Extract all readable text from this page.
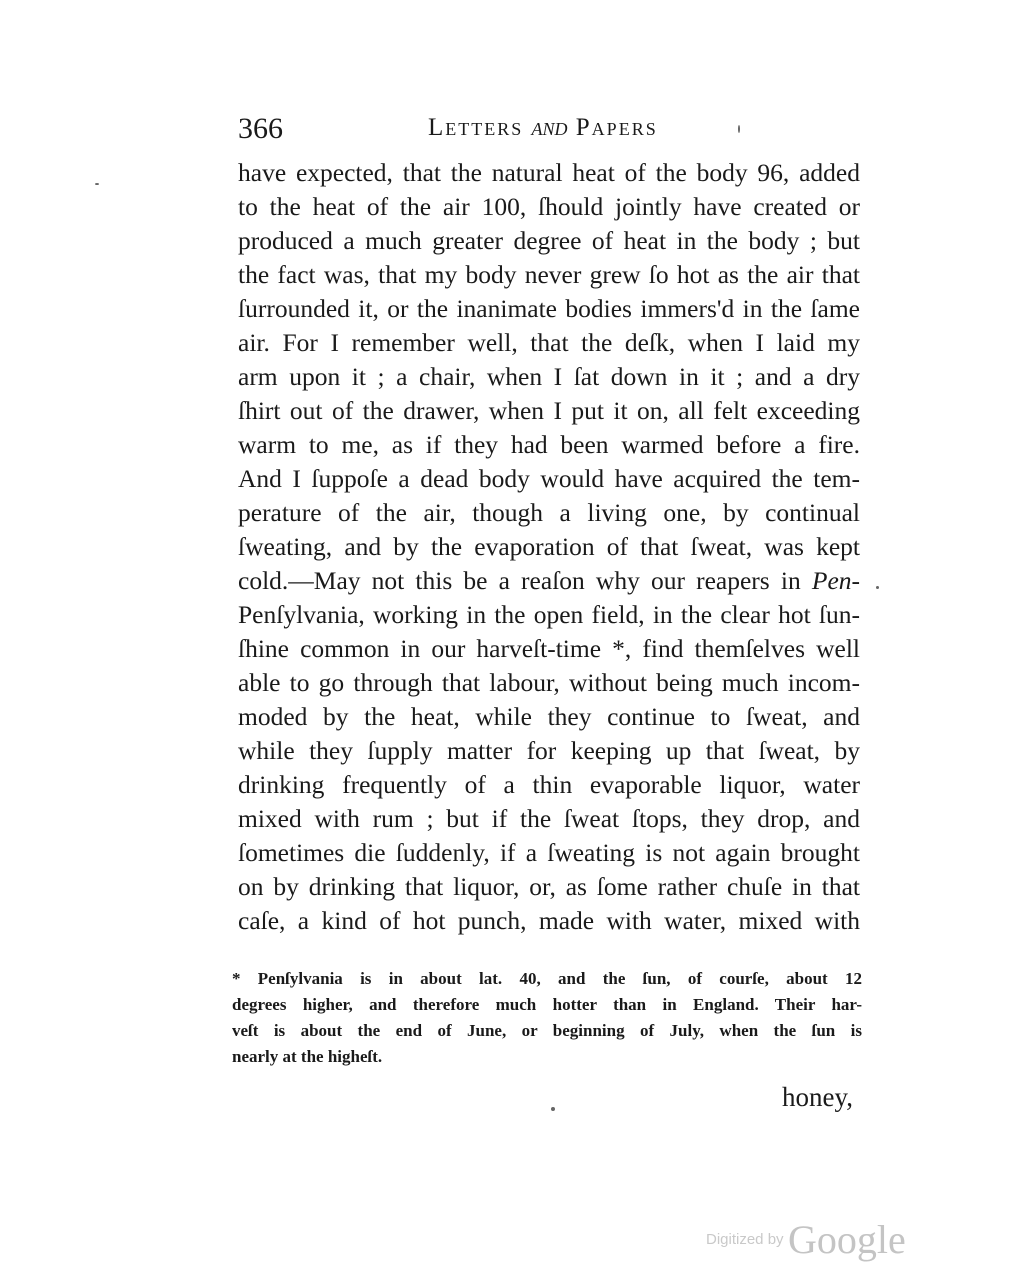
366	Letters and Papers
have expected, that the natural heat of the body 96, added
to the heat of the air 100, ſhould jointly have created or
produced a much greater degree of heat in the body ; but
the fact was, that my body never grew ſo hot as the air that
ſurrounded it, or the inanimate bodies immers'd in the ſame
air. For I remember well, that the deſk, when I laid my
arm upon it ; a chair, when I ſat down in it ; and a dry
ſhirt out of the drawer, when I put it on, all felt exceeding
warm to me, as if they had been warmed before a fire.
And I ſuppoſe a dead body would have acquired the tem-
perature of the air, though a living one, by continual
ſweating, and by the evaporation of that ſweat, was kept
cold.—May not this be a reaſon why our reapers in Pen-
Penſylvania, working in the open field, in the clear hot ſun-
ſhine common in our harveſt-time *, find themſelves well
able to go through that labour, without being much incom-
moded by the heat, while they continue to ſweat, and
while they ſupply matter for keeping up that ſweat, by
drinking frequently of a thin evaporable liquor, water
mixed with rum ; but if the ſweat ſtops, they drop, and
ſometimes die ſuddenly, if a ſweating is not again brought
on by drinking that liquor, or, as ſome rather chuſe in that
caſe, a kind of hot punch, made with water, mixed with
* Penſylvania is in about lat. 40, and the ſun, of courſe, about 12
degrees higher, and therefore much hotter than in England. Their har-
veſt is about the end of June, or beginning of July, when the ſun is
nearly at the higheſt.
honey,
Digitized by Google
